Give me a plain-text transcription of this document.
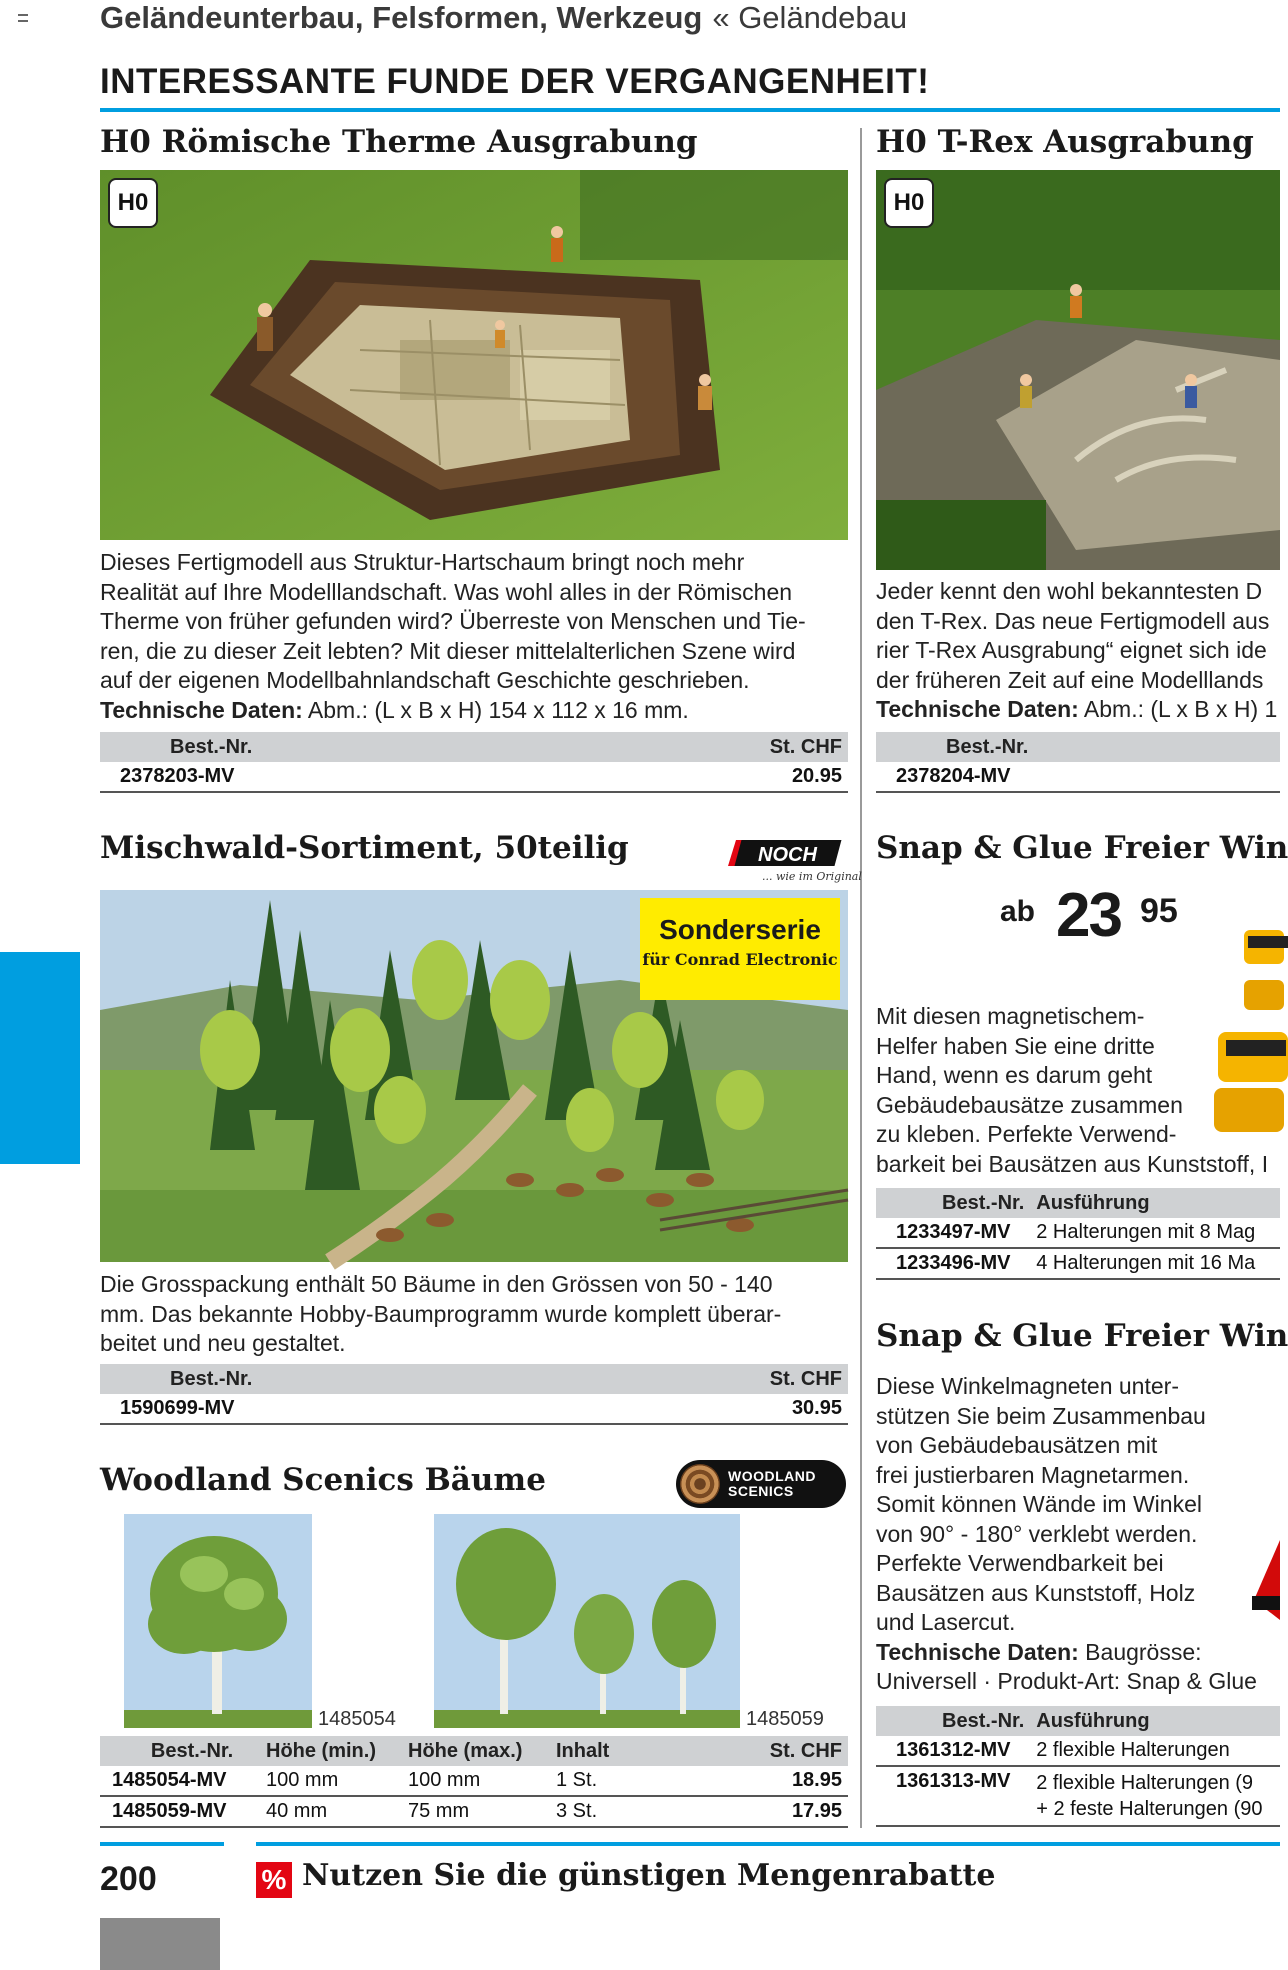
Geländeunterbau, Felsformen, Werkzeug « Geländebau
INTERESSANTE FUNDE DER VERGANGENHEIT!
H0 Römische Therme Ausgrabung
H0
Dieses Fertigmodell aus Struktur-Hartschaum bringt noch mehr
Realität auf Ihre Modelllandschaft. Was wohl alles in der Römischen
Therme von früher gefunden wird? Überreste von Menschen und Tie-
ren, die zu dieser Zeit lebten? Mit dieser mittelalterlichen Szene wird
auf der eigenen Modellbahnlandschaft Geschichte geschrieben.
Technische Daten: Abm.: (L x B x H) 154 x 112 x 16 mm.
Best.-Nr.	St. CHF
2378203-MV	20.95
H0 T-Rex Ausgrabung
H0
Jeder kennt den wohl bekanntesten D
den T-Rex. Das neue Fertigmodell aus
rier T-Rex Ausgrabung“ eignet sich ide
der früheren Zeit auf eine Modelllands
Technische Daten: Abm.: (L x B x H) 1
Best.-Nr.
2378204-MV
Mischwald-Sortiment, 50teilig	NOCH
... wie im Original
Sonderserie
für Conrad Electronic
Die Grosspackung enthält 50 Bäume in den Grössen von 50 - 140
mm. Das bekannte Hobby-Baumprogramm wurde komplett überar-
beitet und neu gestaltet.
Best.-Nr.	St. CHF
1590699-MV	30.95
Woodland Scenics Bäume	WOODLAND
SCENICS
1485054	1485059
Best.-Nr.	Höhe (min.)	Höhe (max.)	Inhalt	St. CHF
1485054-MV	100 mm	100 mm	1 St.	18.95
1485059-MV	40 mm	75 mm	3 St.	17.95
Snap & Glue Freier Win
ab 23 95
Mit diesen magnetischem-
Helfer haben Sie eine dritte
Hand, wenn es darum geht
Gebäudebausätze zusammen
zu kleben. Perfekte Verwend-
barkeit bei Bausätzen aus Kunststoff, I
Best.-Nr.	Ausführung
1233497-MV	2 Halterungen mit 8 Mag
1233496-MV	4 Halterungen mit 16 Ma
Snap & Glue Freier Win
Diese Winkelmagneten unter-
stützen Sie beim Zusammenbau
von Gebäudebausätzen mit
frei justierbaren Magnetarmen.
Somit können Wände im Winkel
von 90° - 180° verklebt werden.
Perfekte Verwendbarkeit bei
Bausätzen aus Kunststoff, Holz
und Lasercut.
Technische Daten: Baugrösse:
Universell · Produkt-Art: Snap & Glue
Best.-Nr.	Ausführung
1361312-MV	2 flexible Halterungen
1361313-MV	2 flexible Halterungen (9
+ 2 feste Halterungen (90
200	% Nutzen Sie die günstigen Mengenrabatte
